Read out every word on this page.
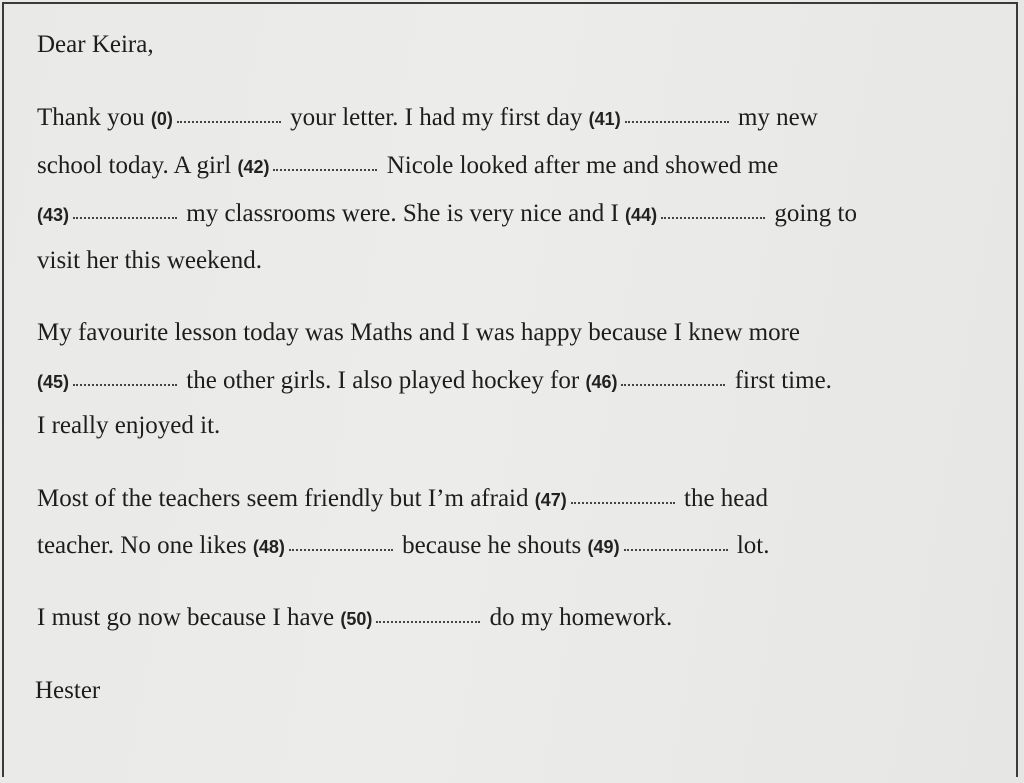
Dear Keira,
Thank you (0)	your letter. I had my first day (41)	my new
school today. A girl (42)	Nicole looked after me and showed me
(43)	my classrooms were. She is very nice and I (44)	going to
visit her this weekend.
My favourite lesson today was Maths and I was happy because I knew more
(45)	the other girls. I also played hockey for (46)	first time.
I really enjoyed it.
Most of the teachers seem friendly but I’m afraid (47)	the head
teacher. No one likes (48)	because he shouts (49)	lot.
I must go now because I have (50)	do my homework.
Hester
